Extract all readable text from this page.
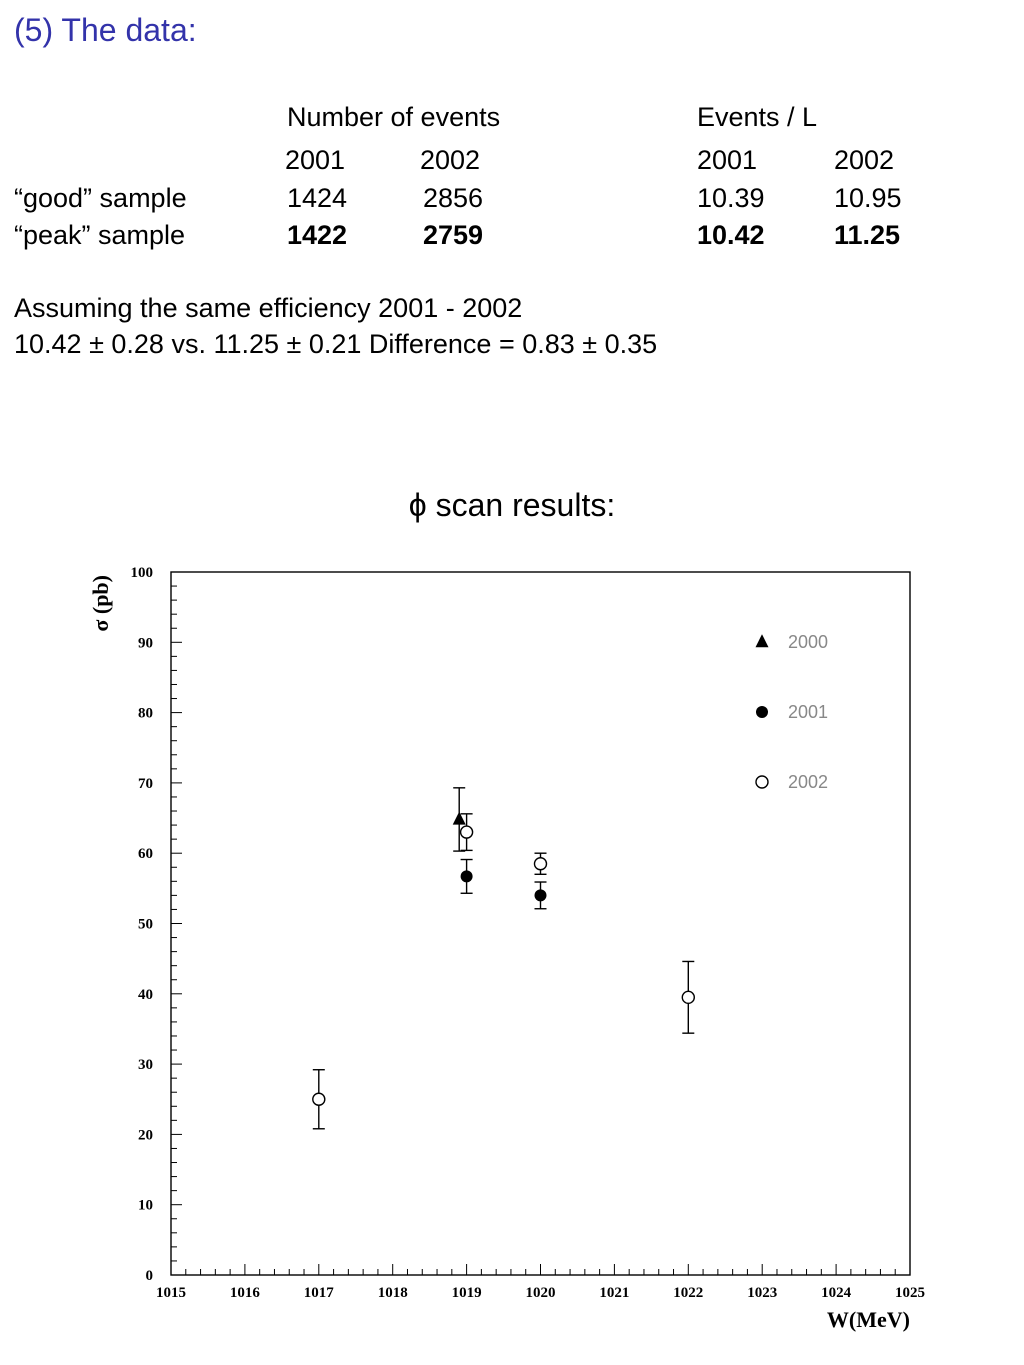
(5) The data:
Number of events	Events / L
2001	2002	2001	2002
“good” sample	1424	2856	10.39	10.95
“peak” sample	1422	2759	10.42	11.25
Assuming the same efficiency 2001 - 2002
10.42 ± 0.28 vs. 11.25 ± 0.21 Difference = 0.83 ± 0.35
ϕ scan results:
1015	1016	1017	1018	1019	1020	1021	1022	1023	1024	1025
0
10
20
30
40
50
60
70
80
90
100
W(MeV)
σ (pb)
2000
2001
2002
